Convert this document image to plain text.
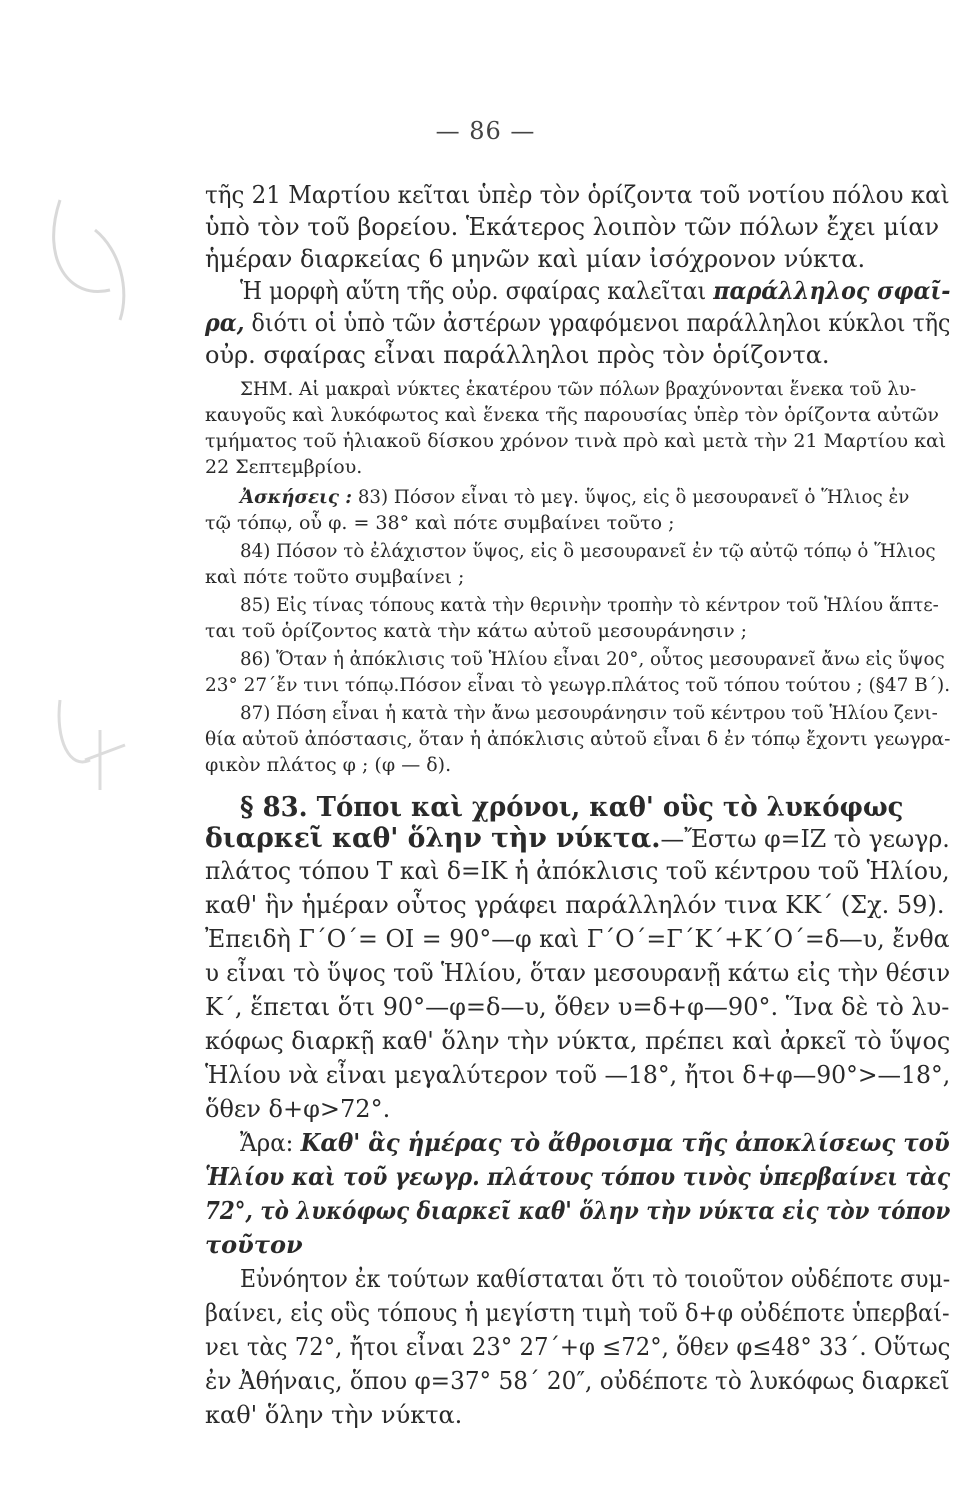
— 86 —
τῆς 21 Μαρτίου κεῖται ὑπὲρ τὸν ὁρίζοντα τοῦ νοτίου πόλου καὶ
ὑπὸ τὸν τοῦ βορείου. Ἑκάτερος λοιπὸν τῶν πόλων ἔχει μίαν
ἡμέραν διαρκείας 6 μηνῶν καὶ μίαν ἰσόχρονον νύκτα.
Ἡ μορφὴ αὕτη τῆς οὐρ. σφαίρας καλεῖται παράλληλος σφαῖ-
ρα, διότι οἱ ὑπὸ τῶν ἀστέρων γραφόμενοι παράλληλοι κύκλοι τῆς
οὐρ. σφαίρας εἶναι παράλληλοι πρὸς τὸν ὁρίζοντα.
ΣΗΜ. Αἱ μακραὶ νύκτες ἑκατέρου τῶν πόλων βραχύνονται ἕνεκα τοῦ λυ-
καυγοῦς καὶ λυκόφωτος καὶ ἕνεκα τῆς παρουσίας ὑπὲρ τὸν ὁρίζοντα αὐτῶν
τμήματος τοῦ ἡλιακοῦ δίσκου χρόνον τινὰ πρὸ καὶ μετὰ τὴν 21 Μαρτίου καὶ
22 Σεπτεμβρίου.
Ἀσκήσεις : 83) Πόσον εἶναι τὸ μεγ. ὕψος, εἰς ὃ μεσουρανεῖ ὁ Ἥλιος ἐν
τῷ τόπῳ, οὗ φ. = 38° καὶ πότε συμβαίνει τοῦτο ;
84) Πόσον τὸ ἐλάχιστον ὕψος, εἰς ὃ μεσουρανεῖ ἐν τῷ αὐτῷ τόπῳ ὁ Ἥλιος
καὶ πότε τοῦτο συμβαίνει ;
85) Εἰς τίνας τόπους κατὰ τὴν θερινὴν τροπὴν τὸ κέντρον τοῦ Ἡλίου ἅπτε-
ται τοῦ ὁρίζοντος κατὰ τὴν κάτω αὐτοῦ μεσουράνησιν ;
86) Ὅταν ἡ ἀπόκλισις τοῦ Ἡλίου εἶναι 20°, οὗτος μεσουρανεῖ ἄνω εἰς ὕψος
23° 27΄ἔν τινι τόπῳ.Πόσον εἶναι τὸ γεωγρ.πλάτος τοῦ τόπου τούτου ; (§47 Β΄).
87) Πόση εἶναι ἡ κατὰ τὴν ἄνω μεσουράνησιν τοῦ κέντρου τοῦ Ἡλίου ζενι-
θία αὐτοῦ ἀπόστασις, ὅταν ἡ ἀπόκλισις αὐτοῦ εἶναι δ ἐν τόπῳ ἔχοντι γεωγρα-
φικὸν πλάτος φ ; (φ — δ).
§ 83. Τόποι καὶ χρόνοι, καθ' οὓς τὸ λυκόφως
διαρκεῖ καθ' ὅλην τὴν νύκτα.—Ἔστω φ=ΙΖ τὸ γεωγρ.
πλάτος τόπου Τ καὶ δ=ΙΚ ἡ ἀπόκλισις τοῦ κέντρου τοῦ Ἡλίου,
καθ' ἣν ἡμέραν οὗτος γράφει παράλληλόν τινα ΚΚ΄ (Σχ. 59).
Ἐπειδὴ Γ΄Ο΄= ΟΙ = 90°—φ καὶ Γ΄Ο΄=Γ΄Κ΄+Κ΄Ο΄=δ—υ, ἔνθα
υ εἶναι τὸ ὕψος τοῦ Ἡλίου, ὅταν μεσουρανῇ κάτω εἰς τὴν θέσιν
Κ΄, ἕπεται ὅτι 90°—φ=δ—υ, ὅθεν υ=δ+φ—90°. Ἵνα δὲ τὸ λυ-
κόφως διαρκῇ καθ' ὅλην τὴν νύκτα, πρέπει καὶ ἀρκεῖ τὸ ὕψος
Ἡλίου νὰ εἶναι μεγαλύτερον τοῦ —18°, ἤτοι δ+φ—90°>—18°,
ὅθεν δ+φ>72°.
Ἄρα: Καθ' ἃς ἡμέρας τὸ ἄθροισμα τῆς ἀποκλίσεως τοῦ
Ἡλίου καὶ τοῦ γεωγρ. πλάτους τόπου τινὸς ὑπερβαίνει τὰς
72°, τὸ λυκόφως διαρκεῖ καθ' ὅλην τὴν νύκτα εἰς τὸν τόπον
τοῦτον
Εὐνόητον ἐκ τούτων καθίσταται ὅτι τὸ τοιοῦτον οὐδέποτε συμ-
βαίνει, εἰς οὓς τόπους ἡ μεγίστη τιμὴ τοῦ δ+φ οὐδέποτε ὑπερβαί-
νει τὰς 72°, ἤτοι εἶναι 23° 27΄+φ ≤72°, ὅθεν φ≤48° 33΄. Οὕτως
ἐν Ἀθήναις, ὅπου φ=37° 58΄ 20″, οὐδέποτε τὸ λυκόφως διαρκεῖ
καθ' ὅλην τὴν νύκτα.
